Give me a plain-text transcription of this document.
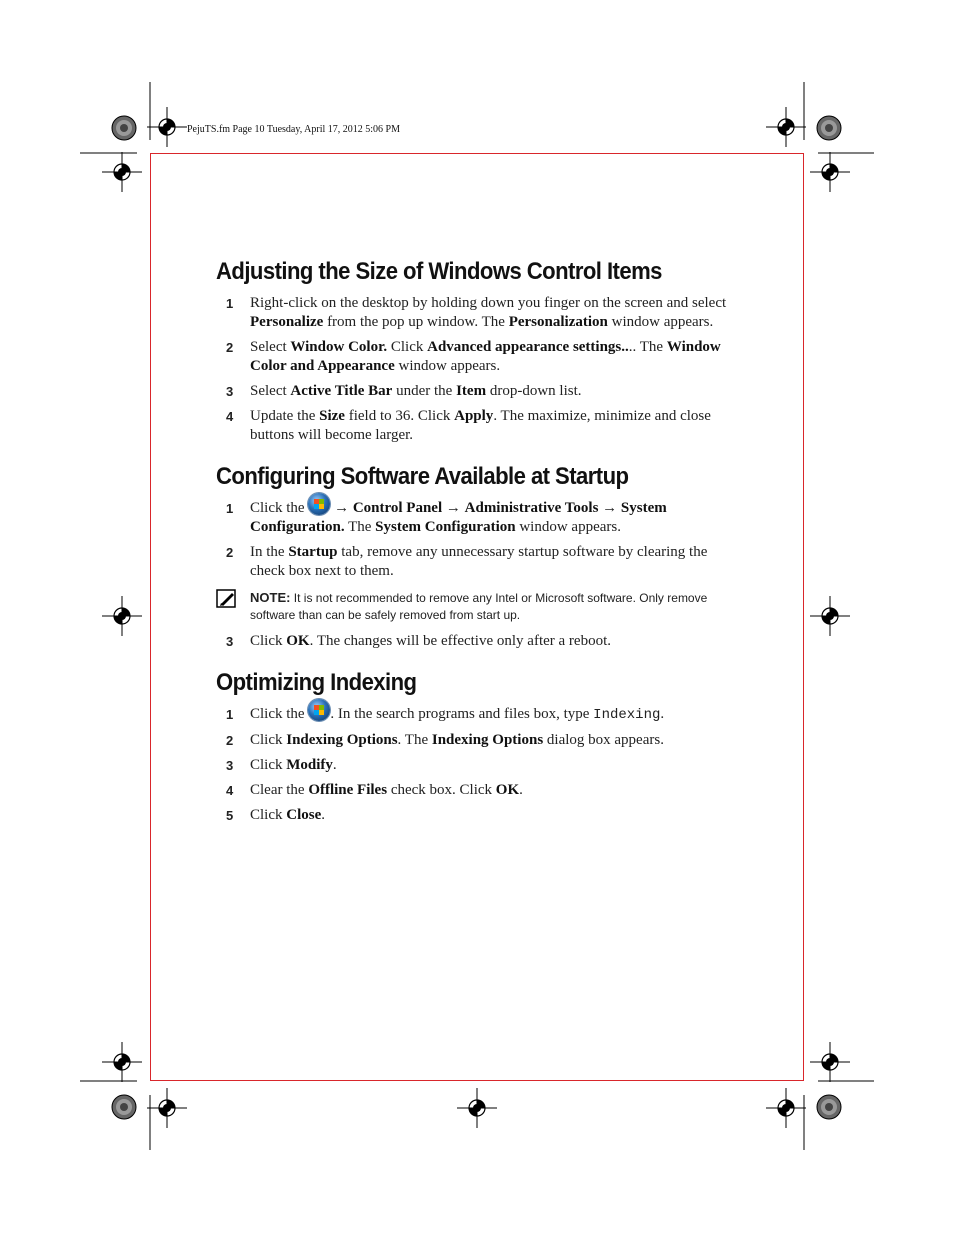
PejuTS.fm Page 10 Tuesday, April 17, 2012 5:06 PM
Adjusting the Size of Windows Control Items
1	Right-click on the desktop by holding down you finger on the screen and select Personalize from the pop up window. The Personalization window appears.
2	Select Window Color. Click Advanced appearance settings.... The Window Color and Appearance window appears.
3	Select Active Title Bar under the Item drop-down list.
4	Update the Size field to 36. Click Apply. The maximize, minimize and close buttons will become larger.
Configuring Software Available at Startup
1	Click the
→ Control Panel → Administrative Tools → System Configuration. The System Configuration window appears.
2	In the Startup tab, remove any unnecessary startup software by clearing the check box next to them.
NOTE: It is not recommended to remove any Intel or Microsoft software. Only remove software than can be safely removed from start up.
3	Click OK. The changes will be effective only after a reboot.
Optimizing Indexing
1	Click the
. In the search programs and files box, type Indexing.
2	Click Indexing Options. The Indexing Options dialog box appears.
3	Click Modify.
4	Clear the Offline Files check box. Click OK.
5	Click Close.
